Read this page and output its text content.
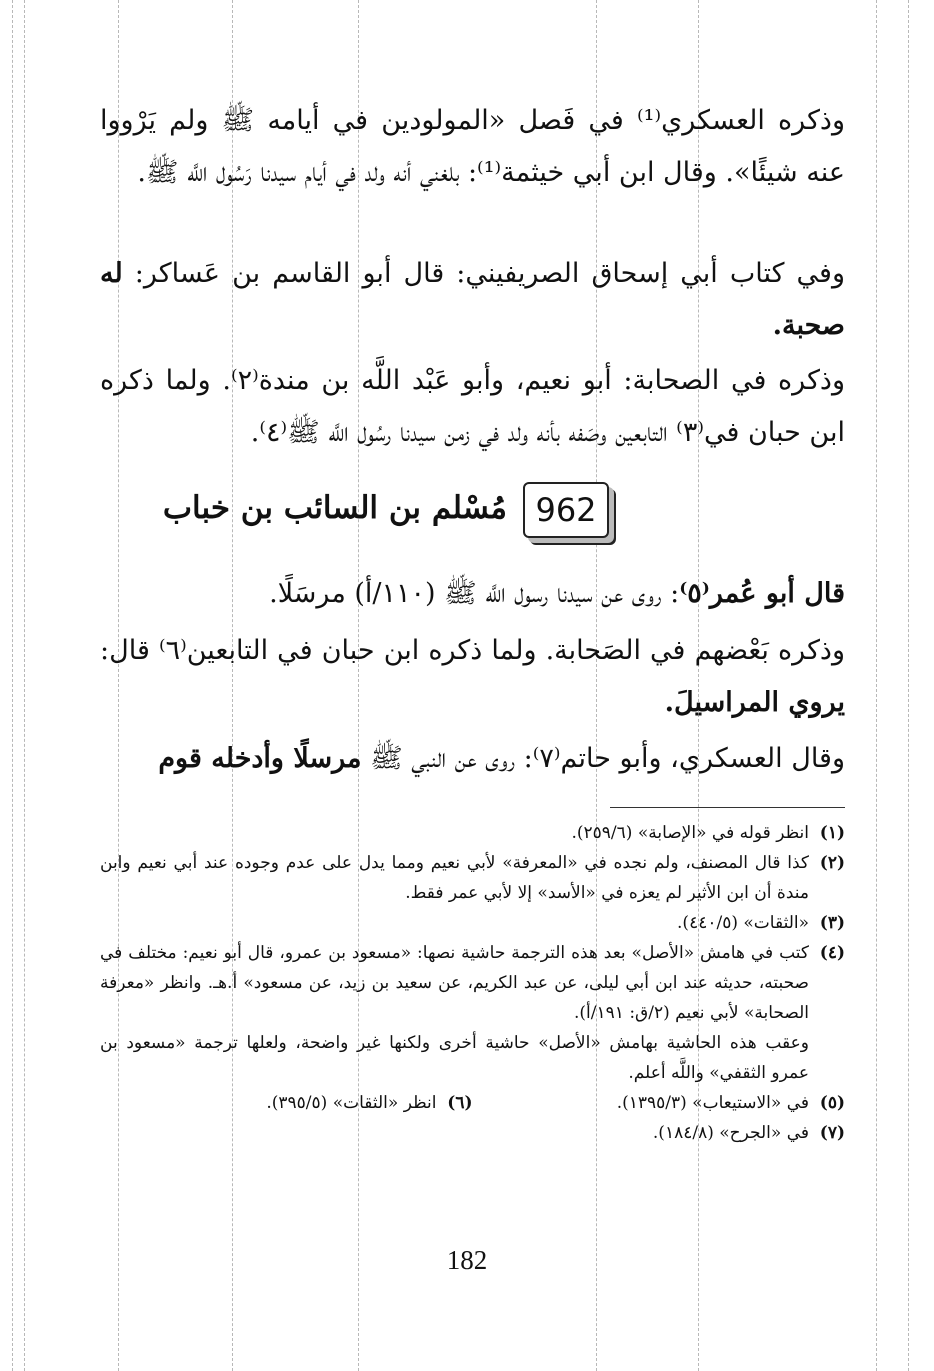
وذكره العسكري⁽¹⁾ في فَصل «المولودين في أيامه ﷺ ولم يَرْووا عنه شيئًا». وقال ابن أبي خيثمة⁽¹⁾: بلغني أنه ولد في أيام سيدنا رَسُول اللَّه ﷺ.

وفي كتاب أبي إسحاق الصريفيني: قال أبو القاسم بن عَساكر: له صحبة.

وذكره في الصحابة: أبو نعيم، وأبو عَبْد اللَّه بن مندة⁽٢⁾. ولما ذكره ابن حبان في⁽٣⁾ التابعين وصَفه بأنه ولد في زمن سيدنا رسُول اللَّه ﷺ⁽٤⁾.

962
مُسْلم بن السائب بن خباب

قال أبو عُمر⁽٥⁾: روى عن سيدنا رسول اللَّه ﷺ (١١٠/أ) مرسَلًا.

وذكره بَعْضهم في الصَحابة. ولما ذكره ابن حبان في التابعين⁽٦⁾ قال: يروي المراسيلَ.

وقال العسكري، وأبو حاتم⁽٧⁾: روى عن النبي ﷺ مرسلًا وأدخله قوم

(١)
انظر قوله في «الإصابة» (٢٥٩/٦).
(٢)
كذا قال المصنف، ولم نجده في «المعرفة» لأبي نعيم ومما يدل على عدم وجوده عند أبي نعيم وابن مندة أن ابن الأثير لم يعزه في «الأسد» إلا لأبي عمر فقط.
(٣)
«الثقات» (٤٤٠/٥).
(٤)
كتب في هامش «الأصل» بعد هذه الترجمة حاشية نصها: «مسعود بن عمرو، قال أبو نعيم: مختلف في صحبته، حديثه عند ابن أبي ليلى، عن عبد الكريم، عن سعيد بن زيد، عن مسعود» أ.هـ. وانظر «معرفة الصحابة» لأبي نعيم (٢/ق: ١٩١/أ).
وعقب هذه الحاشية بهامش «الأصل» حاشية أخرى ولكنها غير واضحة، ولعلها ترجمة «مسعود بن عمرو الثقفي» واللَّه أعلم.
(٥)
في «الاستيعاب» (١٣٩٥/٣).
(٦)
انظر «الثقات» (٣٩٥/٥).
(٧)
في «الجرح» (١٨٤/٨).
182
